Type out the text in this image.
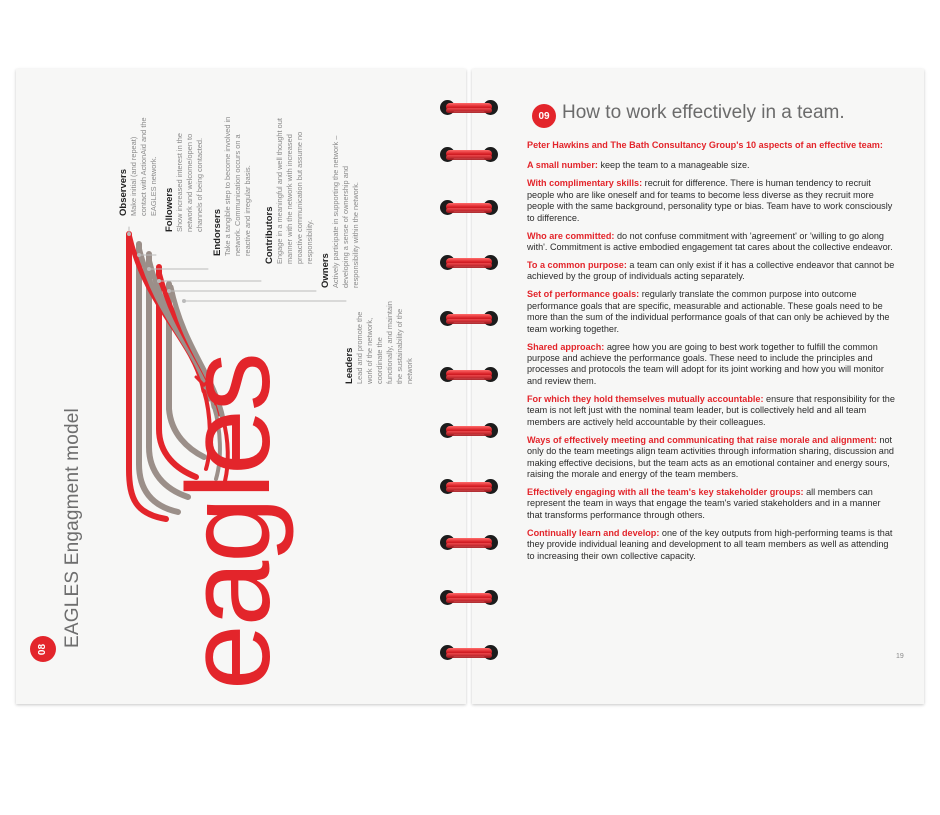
08
EAGLES Engagment model eagles
Observers Make initial (and repeat) contact with ActionAid and the EAGLES network. Followers Show increased interest in the network and welcome/open to channels of being contacted.
Endorsers Take a tangible step to become involved in network. Communication occurs on a reactive and irregular basis. Contributors Engage in a meaningful and well thought out manner with the network with increased proactive communication but assume no responsibility.
Owners Actively participate in supporting the network – developing a sense of ownership and responsibility within the network.
Leaders Lead and promote the work of the network, coordinate the functionally, and maintain the sustainability of the network
09 How to work effectively in a team.
Peter Hawkins and The Bath Consultancy Group's 10 aspects of an effective team:

A small number: keep the team to a manageable size.

With complimentary skills: recruit for difference. There is human tendency to recruit people who are like oneself and for teams to become less diverse as they recruit more people with the same background, personality type or bias. Team have to work consciously to difference.

Who are committed: do not confuse commitment with 'agreement' or 'willing to go along with'. Commitment is active embodied engagement tat cares about the collective endeavor.

To a common purpose: a team can only exist if it has a collective endeavor that cannot be achieved by the group of individuals acting separately.

Set of performance goals: regularly translate the common purpose into outcome performance goals that are specific, measurable and actionable. These goals need to be more than the sum of the individual performance goals of that can only be achieved by the team working together.

Shared approach: agree how you are going to best work together to fulfill the common purpose and achieve the performance goals. These need to include the principles and processes and protocols the team will adopt for its joint working and how you will monitor and review them.

For which they hold themselves mutually accountable: ensure that responsibility for the team is not left just with the nominal team leader, but is collectively held and all team members are actively held accountable by their colleagues.

Ways of effectively meeting and communicating that raise morale and alignment: not only do the team meetings align team activities through information sharing, discussion and making effective decisions, but the team acts as an emotional container and energy sours, raising the morale and energy of the team members.

Effectively engaging with all the team's key stakeholder groups: all members can represent the team in ways that engage the team's varied stakeholders and in a manner that transforms performance through others.

Continually learn and develop: one of the key outputs from high-performing teams is that they provide individual leaning and development to all team members as well as attending to increasing their own collective capacity.

19
